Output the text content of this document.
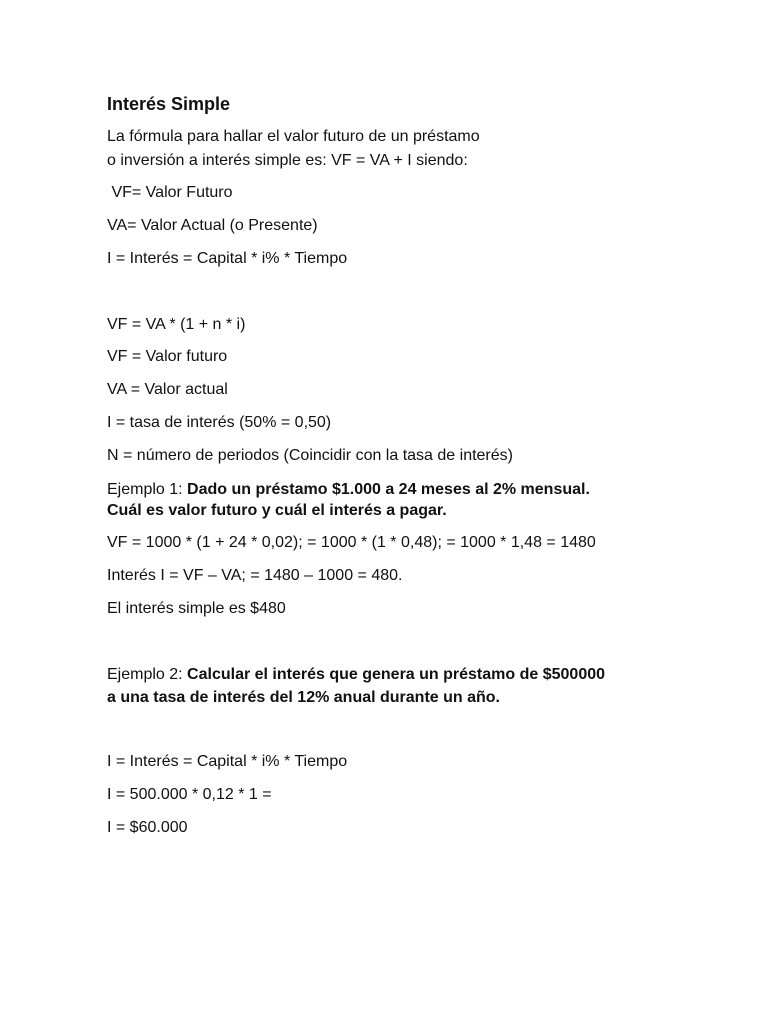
Interés Simple

La fórmula para hallar el valor futuro de un préstamo

o inversión a interés simple es: VF = VA + I siendo:

VF= Valor Futuro

VA= Valor Actual (o Presente)

I = Interés = Capital * i% * Tiempo

VF = VA * (1 + n * i)

VF = Valor futuro

VA = Valor actual

I = tasa de interés (50% = 0,50)

N = número de periodos (Coincidir con la tasa de interés)

Ejemplo 1: Dado un préstamo $1.000 a 24 meses al 2% mensual.

Cuál es valor futuro y cuál el interés a pagar.

VF = 1000 * (1 + 24 * 0,02); = 1000 * (1 * 0,48); = 1000 * 1,48 = 1480

Interés I = VF – VA; = 1480 – 1000 = 480.

El interés simple es $480

Ejemplo 2: Calcular el interés que genera un préstamo de $500000

a una tasa de interés del 12% anual durante un año.

I = Interés = Capital * i% * Tiempo

I = 500.000 * 0,12 * 1 =

I = $60.000
